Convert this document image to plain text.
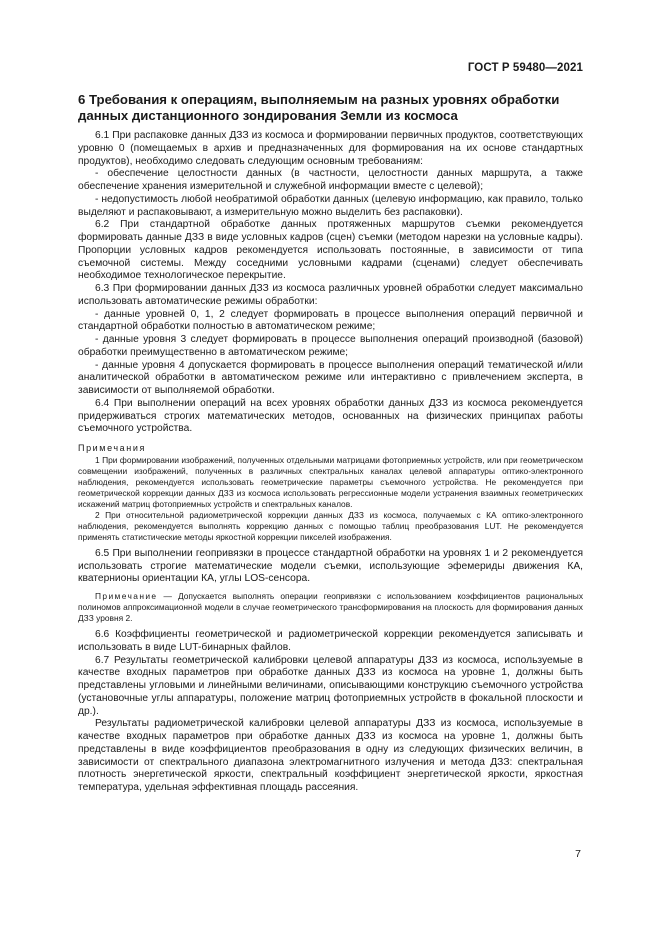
ГОСТ Р 59480—2021
6 Требования к операциям, выполняемым на разных уровнях обработки данных дистанционного зондирования Земли из космоса

6.1 При распаковке данных ДЗЗ из космоса и формировании первичных продуктов, соответствующих уровню 0 (помещаемых в архив и предназначенных для формирования на их основе стандартных продуктов), необходимо следовать следующим основным требованиям:

- обеспечение целостности данных (в частности, целостности данных маршрута, а также обеспечение хранения измерительной и служебной информации вместе с целевой);

- недопустимость любой необратимой обработки данных (целевую информацию, как правило, только выделяют и распаковывают, а измерительную можно выделить без распаковки).

6.2 При стандартной обработке данных протяженных маршрутов съемки рекомендуется формировать данные ДЗЗ в виде условных кадров (сцен) съемки (методом нарезки на условные кадры). Пропорции условных кадров рекомендуется использовать постоянные, в зависимости от типа съемочной системы. Между соседними условными кадрами (сценами) следует обеспечивать необходимое технологическое перекрытие.

6.3 При формировании данных ДЗЗ из космоса различных уровней обработки следует максимально использовать автоматические режимы обработки:

- данные уровней 0, 1, 2 следует формировать в процессе выполнения операций первичной и стандартной обработки полностью в автоматическом режиме;

- данные уровня 3 следует формировать в процессе выполнения операций производной (базовой) обработки преимущественно в автоматическом режиме;

- данные уровня 4 допускается формировать в процессе выполнения операций тематической и/или аналитической обработки в автоматическом режиме или интерактивно с привлечением эксперта, в зависимости от выполняемой обработки.

6.4 При выполнении операций на всех уровнях обработки данных ДЗЗ из космоса рекомендуется придерживаться строгих математических методов, основанных на физических принципах работы съемочного устройства.

Примечания

1 При формировании изображений, полученных отдельными матрицами фотоприемных устройств, или при геометрическом совмещении изображений, полученных в различных спектральных каналах целевой аппаратуры оптико-электронного наблюдения, рекомендуется использовать геометрические параметры съемочного устройства. Не рекомендуется при геометрической коррекции данных ДЗЗ из космоса использовать регрессионные модели устранения взаимных геометрических искажений матриц фотоприемных устройств и спектральных каналов.

2 При относительной радиометрической коррекции данных ДЗЗ из космоса, получаемых с КА оптико-электронного наблюдения, рекомендуется выполнять коррекцию данных с помощью таблиц преобразования LUT. Не рекомендуется применять статистические методы яркостной коррекции пикселей изображения.

6.5 При выполнении геопривязки в процессе стандартной обработки на уровнях 1 и 2 рекомендуется использовать строгие математические модели съемки, использующие эфемериды движения КА, кватернионы ориентации КА, углы LOS-сенсора.

Примечание — Допускается выполнять операции геопривязки с использованием коэффициентов рациональных полиномов аппроксимационной модели в случае геометрического трансформирования на плоскость для формирования данных ДЗЗ уровня 2.

6.6 Коэффициенты геометрической и радиометрической коррекции рекомендуется записывать и использовать в виде LUT-бинарных файлов.

6.7 Результаты геометрической калибровки целевой аппаратуры ДЗЗ из космоса, используемые в качестве входных параметров при обработке данных ДЗЗ из космоса на уровне 1, должны быть представлены угловыми и линейными величинами, описывающими конструкцию съемочного устройства (установочные углы аппаратуры, положение матриц фотоприемных устройств в фокальной плоскости и др.).

Результаты радиометрической калибровки целевой аппаратуры ДЗЗ из космоса, используемые в качестве входных параметров при обработке данных ДЗЗ из космоса на уровне 1, должны быть представлены в виде коэффициентов преобразования в одну из следующих физических величин, в зависимости от спектрального диапазона электромагнитного излучения и метода ДЗЗ: спектральная плотность энергетической яркости, спектральный коэффициент энергетической яркости, яркостная температура, удельная эффективная площадь рассеяния.

7
